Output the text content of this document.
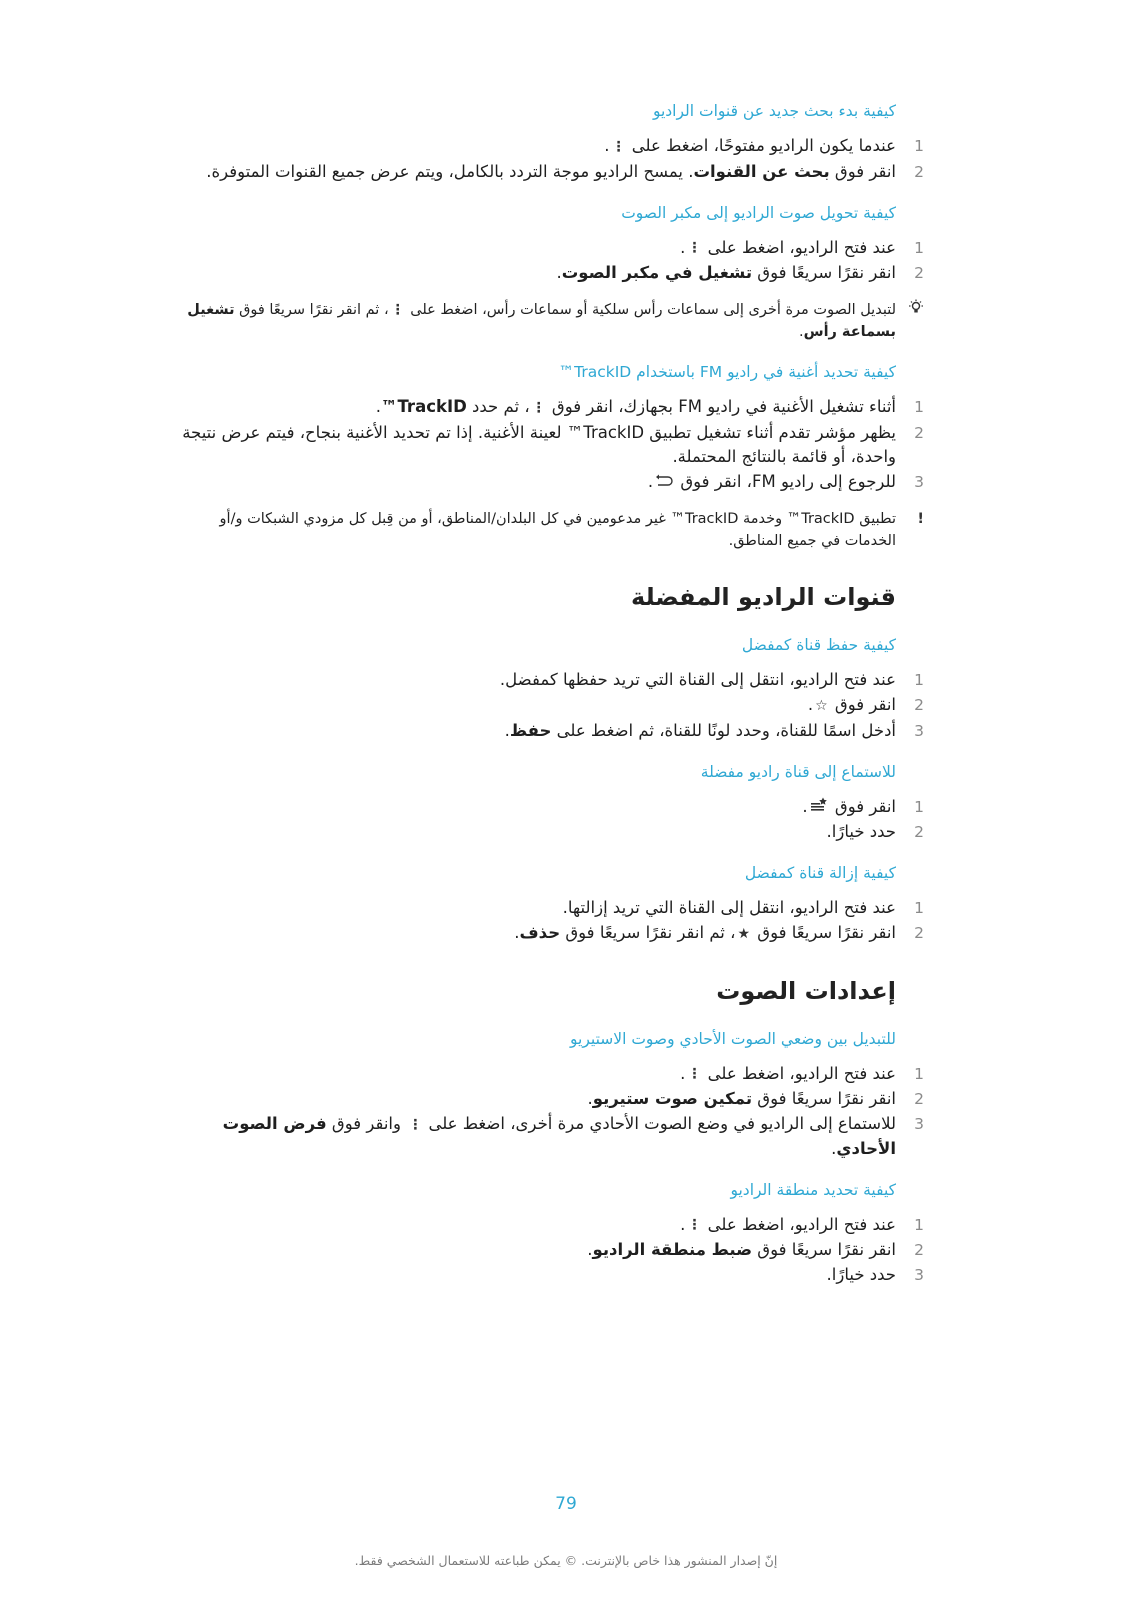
كيفية بدء بحث جديد عن قنوات الراديو
1
عندما يكون الراديو مفتوحًا، اضغط على ⋮.
2
انقر فوق بحث عن القنوات. يمسح الراديو موجة التردد بالكامل، ويتم عرض جميع القنوات المتوفرة.
كيفية تحويل صوت الراديو إلى مكبر الصوت
1
عند فتح الراديو، اضغط على ⋮.
2
انقر نقرًا سريعًا فوق تشغيل في مكبر الصوت.
لتبديل الصوت مرة أخرى إلى سماعات رأس سلكية أو سماعات رأس، اضغط على ⋮، ثم انقر نقرًا سريعًا فوق تشغيل بسماعة رأس.
كيفية تحديد أغنية في راديو FM باستخدام TrackID™
1
أثناء تشغيل الأغنية في راديو FM بجهازك، انقر فوق ⋮، ثم حدد TrackID™.
2
يظهر مؤشر تقدم أثناء تشغيل تطبيق TrackID™ لعينة الأغنية. إذا تم تحديد الأغنية بنجاح، فيتم عرض نتيجة واحدة، أو قائمة بالنتائج المحتملة.
3
للرجوع إلى راديو FM، انقر فوق .
!
تطبيق TrackID™ وخدمة TrackID™ غير مدعومين في كل البلدان/المناطق، أو من قِبل كل مزودي الشبكات و/أو الخدمات في جميع المناطق.
قنوات الراديو المفضلة
كيفية حفظ قناة كمفضل
1
عند فتح الراديو، انتقل إلى القناة التي تريد حفظها كمفضل.
2
انقر فوق ☆.
3
أدخل اسمًا للقناة، وحدد لونًا للقناة، ثم اضغط على حفظ.
للاستماع إلى قناة راديو مفضلة
1
انقر فوق .
2
حدد خيارًا.
كيفية إزالة قناة كمفضل
1
عند فتح الراديو، انتقل إلى القناة التي تريد إزالتها.
2
انقر نقرًا سريعًا فوق ★، ثم انقر نقرًا سريعًا فوق حذف.
إعدادات الصوت
للتبديل بين وضعي الصوت الأحادي وصوت الاستيريو
1
عند فتح الراديو، اضغط على ⋮.
2
انقر نقرًا سريعًا فوق تمكين صوت ستيريو.
3
للاستماع إلى الراديو في وضع الصوت الأحادي مرة أخرى، اضغط على ⋮ وانقر فوق فرض الصوت الأحادي.
كيفية تحديد منطقة الراديو
1
عند فتح الراديو، اضغط على ⋮.
2
انقر نقرًا سريعًا فوق ضبط منطقة الراديو.
3
حدد خيارًا.
79
إنّ إصدار المنشور هذا خاص بالإنترنت. © يمكن طباعته للاستعمال الشخصي فقط.
